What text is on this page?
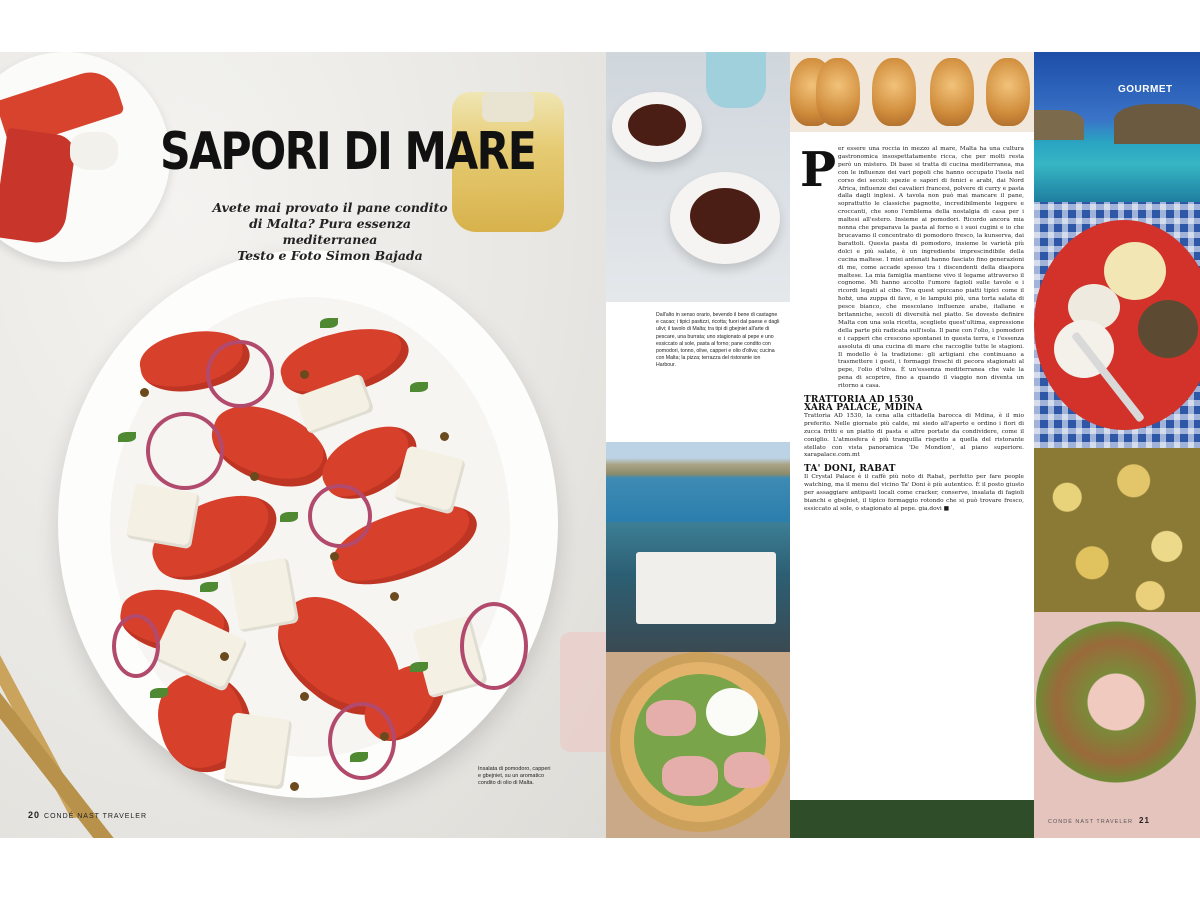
SAPORI DI MARE
Avete mai provato il pane condito
di Malta? Pura essenza mediterranea
Testo e Foto Simon Bajada
Insalata di pomodoro, capperi e gbejniet, su un aromatico condito di olio di Malta.
20 CONDÉ NAST TRAVELER

Dall'alto in senso orario, bevendo il bene di castagne e cacao; i tipici pastizzi, ricotta; fuori dal paese e dagli ulivi; il tavolo di Malta; tra tipi di gbejniet all'arte di pescare, una burrata; uno stagionato al pepe e uno essiccato al sole, pasta al forno; pane condito con pomodori, tonno, olive, capperi e olio d'oliva; cucina con Malta; la pizza; terrazza del ristorante ion Harbour.

P er essere una roccia in mezzo al mare, Malta ha una cultura gastronomica insospettatamente ricca, che per molti resta però un mistero. Di base si tratta di cucina mediterranea, ma con le influenze dei vari popoli che hanno occupato l'isola nel corso dei secoli: spezie e sapori di fenici e arabi, dai Nord Africa, influenze dei cavalieri francesi, polvere di curry e pasta dalla dagli inglesi. A tavola non può mai mancare il pane, soprattutto le classiche pagnotte, incredibilmente leggere e croccanti, che sono l'emblema della nostalgia di casa per i maltesi all'estero. Insieme ai pomodori. Ricordo ancora mia nonna che preparava la pasta al forno e i suoi cugini e io che brucavamo il concentrato di pomodoro fresco, la kunserva, dai barattoli. Questa pasta di pomodoro, insieme le varietà più dolci e più salate, è un ingrediente imprescindibile della cucina maltese. I miei antenati hanno fasciato fino generazioni di me, come accade spesso tra i discendenti della diaspora maltese. La mia famiglia mantiene vivo il legame attraverso il cognome. Mi hanno accolto l'umore fagioli sulle tavole e i ricordi legati al cibo. Tra quest spiccano piatti tipici come il ħobż, una zuppa di fave, e le lampuki più, una torta salata di pesce bianco, che mescolano influenze arabe, italiane e britanniche, secoli di diversità nel piatto. Se doveste definire Malta con una sola ricetta, scegliete quest'ultima, espressione della parte più radicata sull'isola. Il pane con l'olio, i pomodori e i capperi che crescono spontanei in questa terra, e l'essenza assoluta di una cucina di mare che raccoglie tutte le stagioni. Il modello è la tradizione: gli artigiani che continuano a trasmettere i gesti, i formaggi freschi di pecora stagionati al pepe, l'olio d'oliva. È un'essenza mediterranea che vale la pena di scoprire, fino a quando il viaggio non diventa un ritorno a casa.

TRATTORIA AD 1530
XARA PALACE, MDINA
Trattoria AD 1530, la cena alla cittadella barocca di Mdina, è il mio preferito. Nelle giornate più calde, mi siedo all'aperto e ordino i fiori di zucca fritti e un piatto di pasta e altre portate da condividere, come il coniglio. L'atmosfera è più tranquilla rispetto a quella del ristorante stellato con vista panoramica 'De Mondion', al piano superiore. xarapalace.com.mt
TA' DONI, RABAT
Il Crystal Palace è il caffè più noto di Rabat, perfetto per fare people watching, ma il menu del vicino Ta' Doni è più autentico. È il posto giusto per assaggiare antipasti locali come cracker, conserve, insalata di fagioli bianchi e gbejniet, il tipico formaggio rotondo che si può trovare fresco, essiccato al sole, o stagionato al pepe. gia.dovi ■
GOURMET
CONDÉ NAST TRAVELER 21
